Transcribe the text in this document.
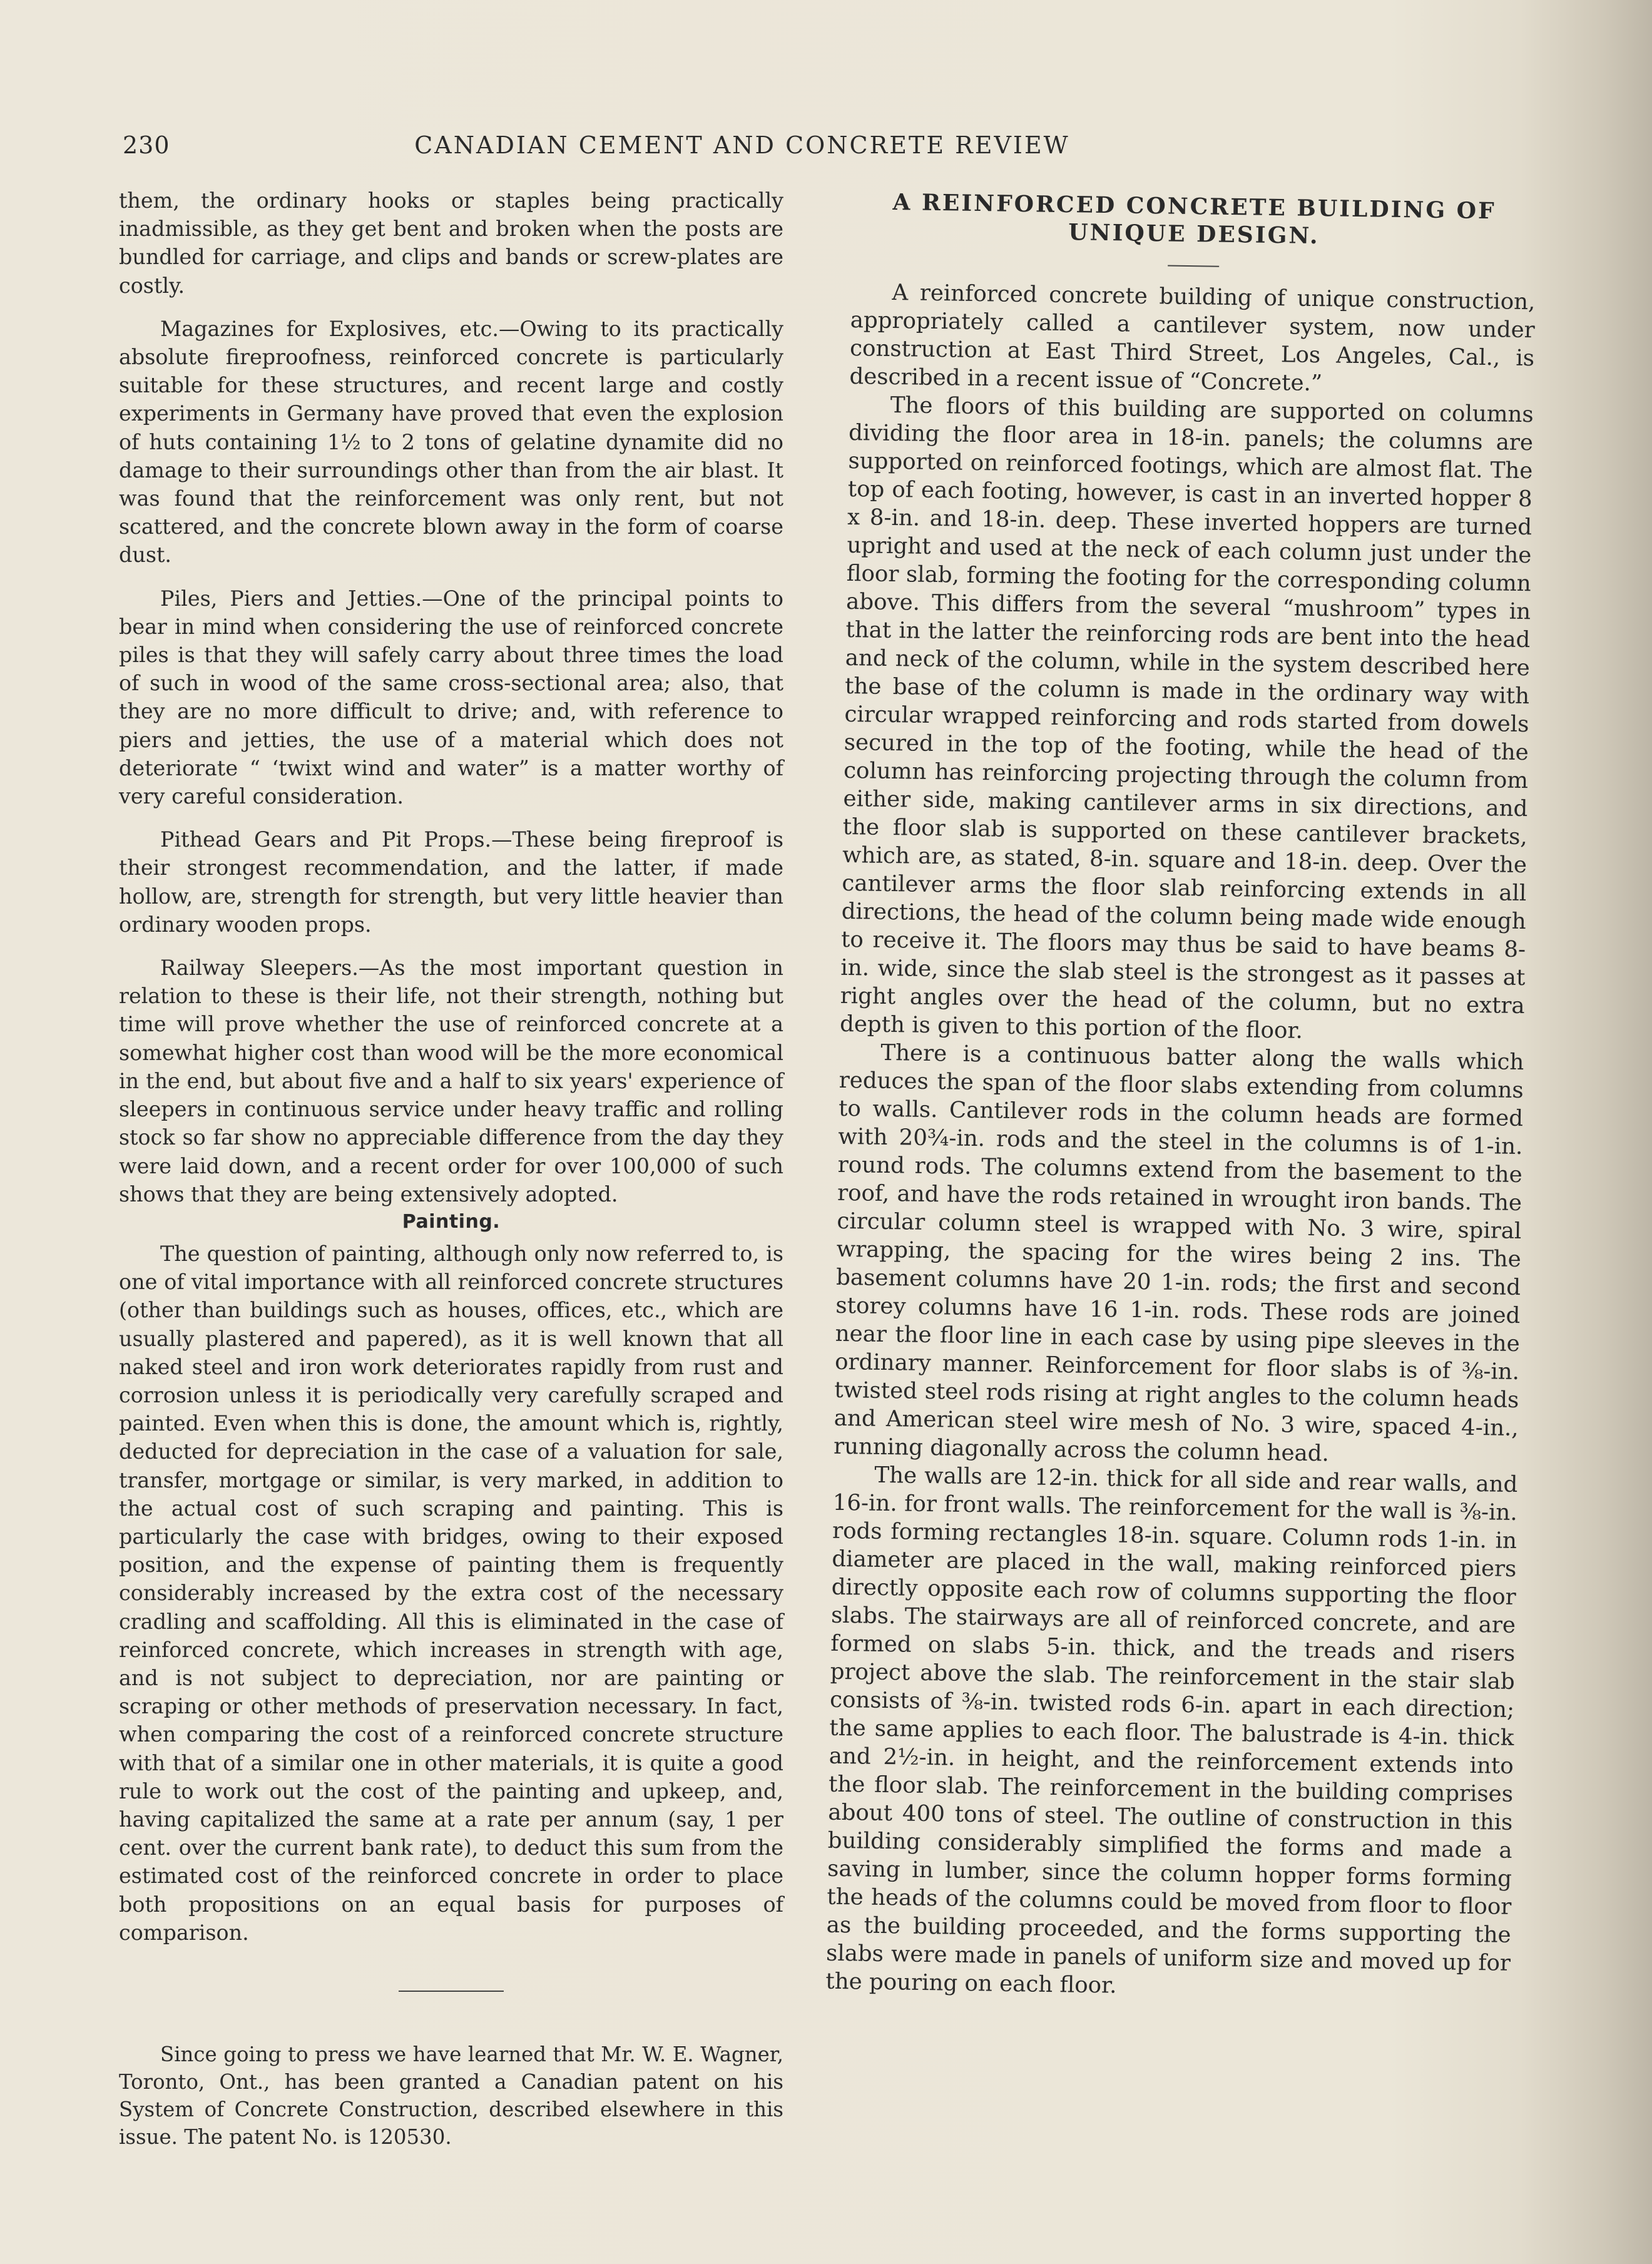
230	CANADIAN CEMENT AND CONCRETE REVIEW

them, the ordinary hooks or staples being practically inadmissible, as they get bent and broken when the posts are bundled for carriage, and clips and bands or screw-plates are costly.

Magazines for Explosives, etc.—Owing to its practically absolute fireproofness, reinforced concrete is particularly suitable for these structures, and recent large and costly experiments in Germany have proved that even the explosion of huts containing 1½ to 2 tons of gelatine dynamite did no damage to their surroundings other than from the air blast. It was found that the reinforcement was only rent, but not scattered, and the concrete blown away in the form of coarse dust.

Piles, Piers and Jetties.—One of the principal points to bear in mind when considering the use of reinforced concrete piles is that they will safely carry about three times the load of such in wood of the same cross-sectional area; also, that they are no more difficult to drive; and, with reference to piers and jetties, the use of a material which does not deteriorate “ ‘twixt wind and water” is a matter worthy of very careful consideration.

Pithead Gears and Pit Props.—These being fireproof is their strongest recommendation, and the latter, if made hollow, are, strength for strength, but very little heavier than ordinary wooden props.

Railway Sleepers.—As the most important question in relation to these is their life, not their strength, nothing but time will prove whether the use of reinforced concrete at a somewhat higher cost than wood will be the more economical in the end, but about five and a half to six years' experience of sleepers in continuous service under heavy traffic and rolling stock so far show no appreciable difference from the day they were laid down, and a recent order for over 100,000 of such shows that they are being extensively adopted.

Painting.

The question of painting, although only now referred to, is one of vital importance with all reinforced concrete structures (other than buildings such as houses, offices, etc., which are usually plastered and papered), as it is well known that all naked steel and iron work deteriorates rapidly from rust and corrosion unless it is periodically very carefully scraped and painted. Even when this is done, the amount which is, rightly, deducted for depreciation in the case of a valuation for sale, transfer, mortgage or similar, is very marked, in addition to the actual cost of such scraping and painting. This is particularly the case with bridges, owing to their exposed position, and the expense of painting them is frequently considerably increased by the extra cost of the necessary cradling and scaffolding. All this is eliminated in the case of reinforced concrete, which increases in strength with age, and is not subject to depreciation, nor are painting or scraping or other methods of preservation necessary. In fact, when comparing the cost of a reinforced concrete structure with that of a similar one in other materials, it is quite a good rule to work out the cost of the painting and upkeep, and, having capitalized the same at a rate per annum (say, 1 per cent. over the current bank rate), to deduct this sum from the estimated cost of the reinforced concrete in order to place both propositions on an equal basis for purposes of comparison.

Since going to press we have learned that Mr. W. E. Wagner, Toronto, Ont., has been granted a Canadian patent on his System of Concrete Construction, described elsewhere in this issue. The patent No. is 120530.

A REINFORCED CONCRETE BUILDING OF UNIQUE DESIGN.

A reinforced concrete building of unique construction, appropriately called a cantilever system, now under construction at East Third Street, Los Angeles, Cal., is described in a recent issue of “Concrete.”

The floors of this building are supported on columns dividing the floor area in 18-in. panels; the columns are supported on reinforced footings, which are almost flat. The top of each footing, however, is cast in an inverted hopper 8 x 8-in. and 18-in. deep. These inverted hoppers are turned upright and used at the neck of each column just under the floor slab, forming the footing for the corresponding column above. This differs from the several “mushroom” types in that in the latter the reinforcing rods are bent into the head and neck of the column, while in the system described here the base of the column is made in the ordinary way with circular wrapped reinforcing and rods started from dowels secured in the top of the footing, while the head of the column has reinforcing projecting through the column from either side, making cantilever arms in six directions, and the floor slab is supported on these cantilever brackets, which are, as stated, 8-in. square and 18-in. deep. Over the cantilever arms the floor slab reinforcing extends in all directions, the head of the column being made wide enough to receive it. The floors may thus be said to have beams 8-in. wide, since the slab steel is the strongest as it passes at right angles over the head of the column, but no extra depth is given to this portion of the floor.

There is a continuous batter along the walls which reduces the span of the floor slabs extending from columns to walls. Cantilever rods in the column heads are formed with 20¾-in. rods and the steel in the columns is of 1-in. round rods. The columns extend from the basement to the roof, and have the rods retained in wrought iron bands. The circular column steel is wrapped with No. 3 wire, spiral wrapping, the spacing for the wires being 2 ins. The basement columns have 20 1-in. rods; the first and second storey columns have 16 1-in. rods. These rods are joined near the floor line in each case by using pipe sleeves in the ordinary manner. Reinforcement for floor slabs is of ⅜-in. twisted steel rods rising at right angles to the column heads and American steel wire mesh of No. 3 wire, spaced 4-in., running diagonally across the column head.

The walls are 12-in. thick for all side and rear walls, and 16-in. for front walls. The reinforcement for the wall is ⅜-in. rods forming rectangles 18-in. square. Column rods 1-in. in diameter are placed in the wall, making reinforced piers directly opposite each row of columns supporting the floor slabs. The stairways are all of reinforced concrete, and are formed on slabs 5-in. thick, and the treads and risers project above the slab. The reinforcement in the stair slab consists of ⅜-in. twisted rods 6-in. apart in each direction; the same applies to each floor. The balustrade is 4-in. thick and 2½-in. in height, and the reinforcement extends into the floor slab. The reinforcement in the building comprises about 400 tons of steel. The outline of construction in this building considerably simplified the forms and made a saving in lumber, since the column hopper forms forming the heads of the columns could be moved from floor to floor as the building proceeded, and the forms supporting the slabs were made in panels of uniform size and moved up for the pouring on each floor.
